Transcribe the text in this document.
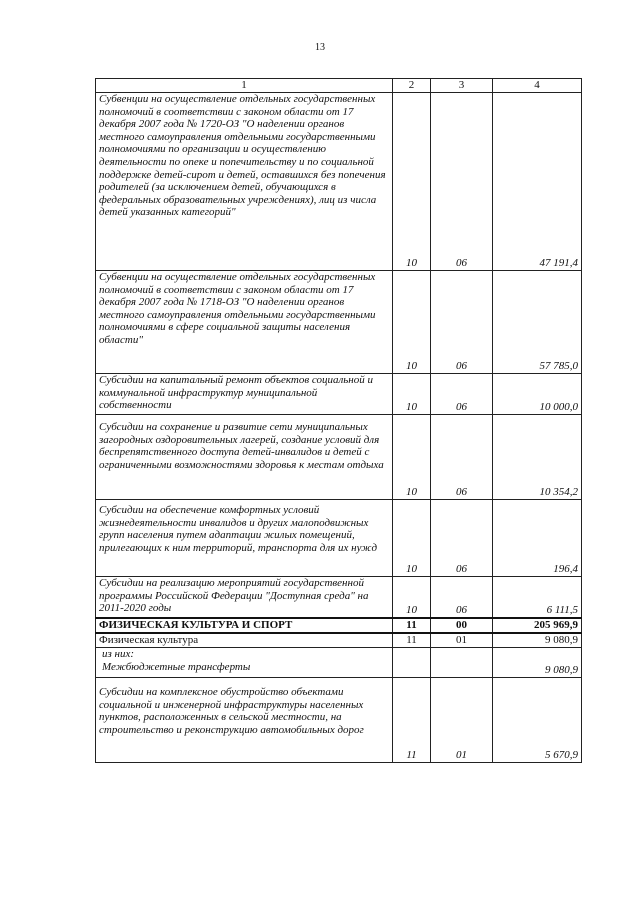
13
1	2	3	4
Субвенции на осуществление отдельных государственных полномочий в соответствии с законом области от 17 декабря 2007 года № 1720-ОЗ "О наделении органов местного самоуправления отдельными государственными полномочиями по организации и осуществлению деятельности по опеке и попечительству и по социальной поддержке детей-сирот и детей, оставшихся без попечения родителей (за исключением детей, обучающихся в федеральных образовательных учреждениях), лиц из числа детей указанных категорий"	10	06	47 191,4
Субвенции на осуществление отдельных государственных полномочий в соответствии с законом области от 17 декабря 2007 года № 1718-ОЗ "О наделении органов местного самоуправления отдельными государственными полномочиями в сфере социальной защиты населения области"	10	06	57 785,0
Субсидии на капитальный ремонт объектов социальной и коммунальной инфраструктур муниципальной собственности	10	06	10 000,0
Субсидии на сохранение и развитие сети муниципальных загородных оздоровительных лагерей, создание условий для беспрепятственного доступа детей-инвалидов и детей с ограниченными возможностями здоровья к местам отдыха	10	06	10 354,2
Субсидии на обеспечение комфортных условий жизнедеятельности инвалидов и других малоподвижных групп населения путем адаптации жилых помещений, прилегающих к ним территорий, транспорта для их нужд	10	06	196,4
Субсидии на реализацию мероприятий государственной программы Российской Федерации "Доступная среда" на 2011-2020 годы	10	06	6 111,5
ФИЗИЧЕСКАЯ КУЛЬТУРА И СПОРТ	11	00	205 969,9
Физическая культура	11	01	9 080,9
из них:			
Межбюджетные трансферты			9 080,9
Субсидии на комплексное обустройство объектами социальной и инженерной инфраструктуры населенных пунктов, расположенных в сельской местности, на строительство и реконструкцию автомобильных дорог	11	01	5 670,9
